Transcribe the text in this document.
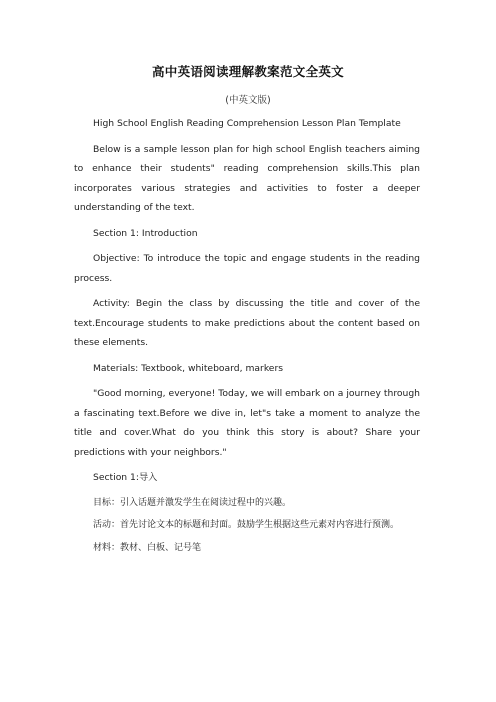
高中英语阅读理解教案范文全英文
(中英文版)

High School English Reading Comprehension Lesson Plan Template

Below is a sample lesson plan for high school English teachers aiming to enhance their students" reading comprehension skills.This plan incorporates various strategies and activities to foster a deeper understanding of the text.

Section 1: Introduction

Objective: To introduce the topic and engage students in the reading process.

Activity: Begin the class by discussing the title and cover of the text.Encourage students to make predictions about the content based on these elements.

Materials: Textbook, whiteboard, markers

"Good morning, everyone! Today, we will embark on a journey through a fascinating text.Before we dive in, let"s take a moment to analyze the title and cover.What do you think this story is about? Share your predictions with your neighbors."

Section 1:导入

目标：引入话题并激发学生在阅读过程中的兴趣。

活动：首先讨论文本的标题和封面。鼓励学生根据这些元素对内容进行预测。

材料：教材、白板、记号笔
